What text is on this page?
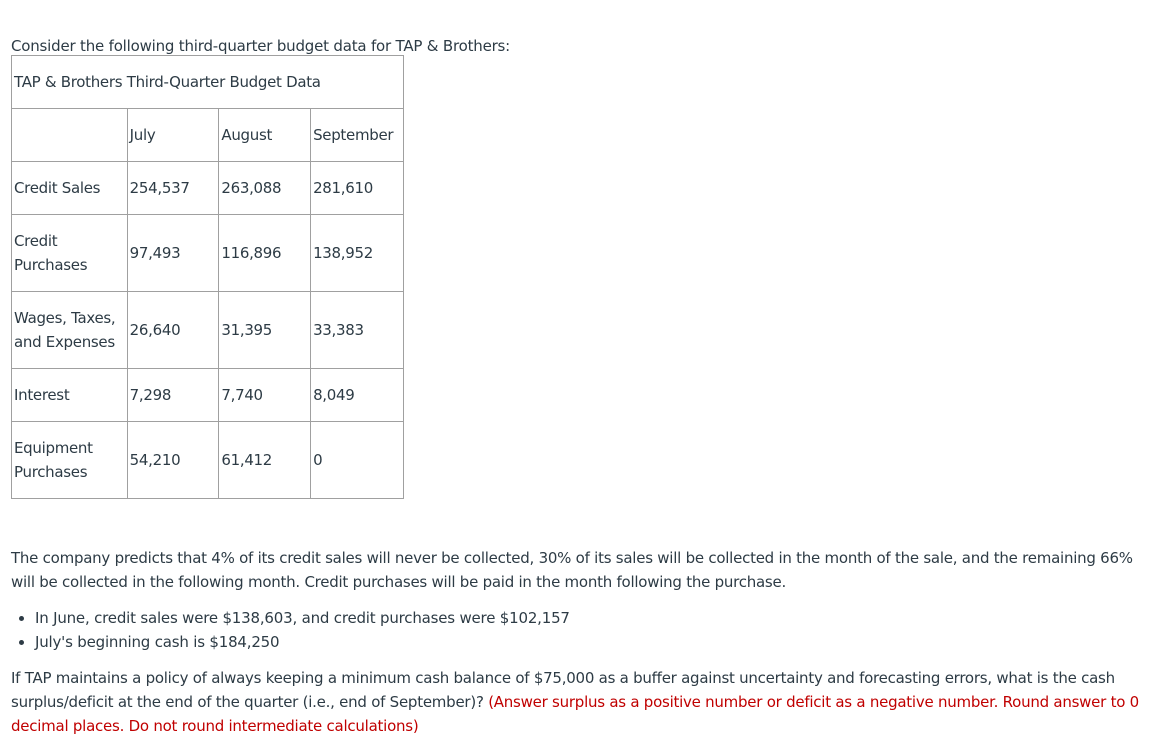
Consider the following third-quarter budget data for TAP & Brothers:

TAP & Brothers Third-Quarter Budget Data			
	July	August	September
Credit Sales	254,537	263,088	281,610
Credit Purchases	97,493	116,896	138,952
Wages, Taxes, and Expenses	26,640	31,395	33,383
Interest	7,298	7,740	8,049
Equipment Purchases	54,210	61,412	0

The company predicts that 4% of its credit sales will never be collected, 30% of its sales will be collected in the month of the sale, and the remaining 66% will be collected in the following month. Credit purchases will be paid in the month following the purchase.

• In June, credit sales were $138,603, and credit purchases were $102,157
• July's beginning cash is $184,250

If TAP maintains a policy of always keeping a minimum cash balance of $75,000 as a buffer against uncertainty and forecasting errors, what is the cash surplus/deficit at the end of the quarter (i.e., end of September)? (Answer surplus as a positive number or deficit as a negative number. Round answer to 0 decimal places. Do not round intermediate calculations)
